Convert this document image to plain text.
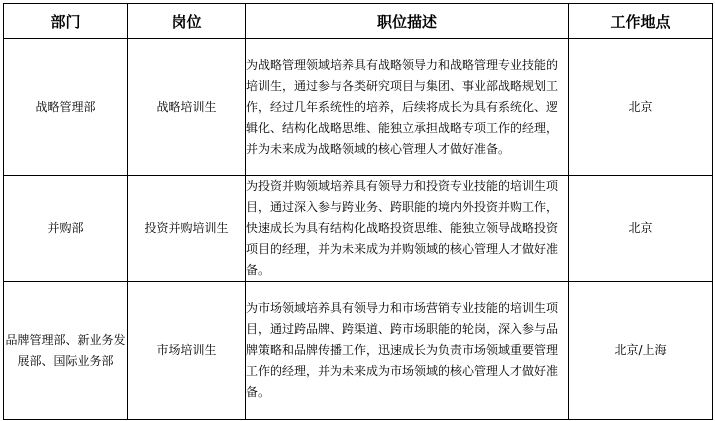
部门	岗位	职位描述	工作地点
战略管理部	战略培训生	为战略管理领域培养具有战略领导力和战略管理专业技能的培训生，通过参与各类研究项目与集团、事业部战略规划工作，经过几年系统性的培养，后续将成长为具有系统化、逻辑化、结构化战略思维、能独立承担战略专项工作的经理，并为未来成为战略领域的核心管理人才做好准备。	北京
并购部	投资并购培训生	为投资并购领域培养具有领导力和投资专业技能的培训生项目，通过深入参与跨业务、跨职能的境内外投资并购工作，快速成长为具有结构化战略投资思维、能独立领导战略投资项目的经理，并为未来成为并购领域的核心管理人才做好准备。	北京
品牌管理部、新业务发展部、国际业务部	市场培训生	为市场领域培养具有领导力和市场营销专业技能的培训生项目，通过跨品牌、跨渠道、跨市场职能的轮岗，深入参与品牌策略和品牌传播工作，迅速成长为负责市场领域重要管理工作的经理，并为未来成为市场领域的核心管理人才做好准备。	北京/上海
